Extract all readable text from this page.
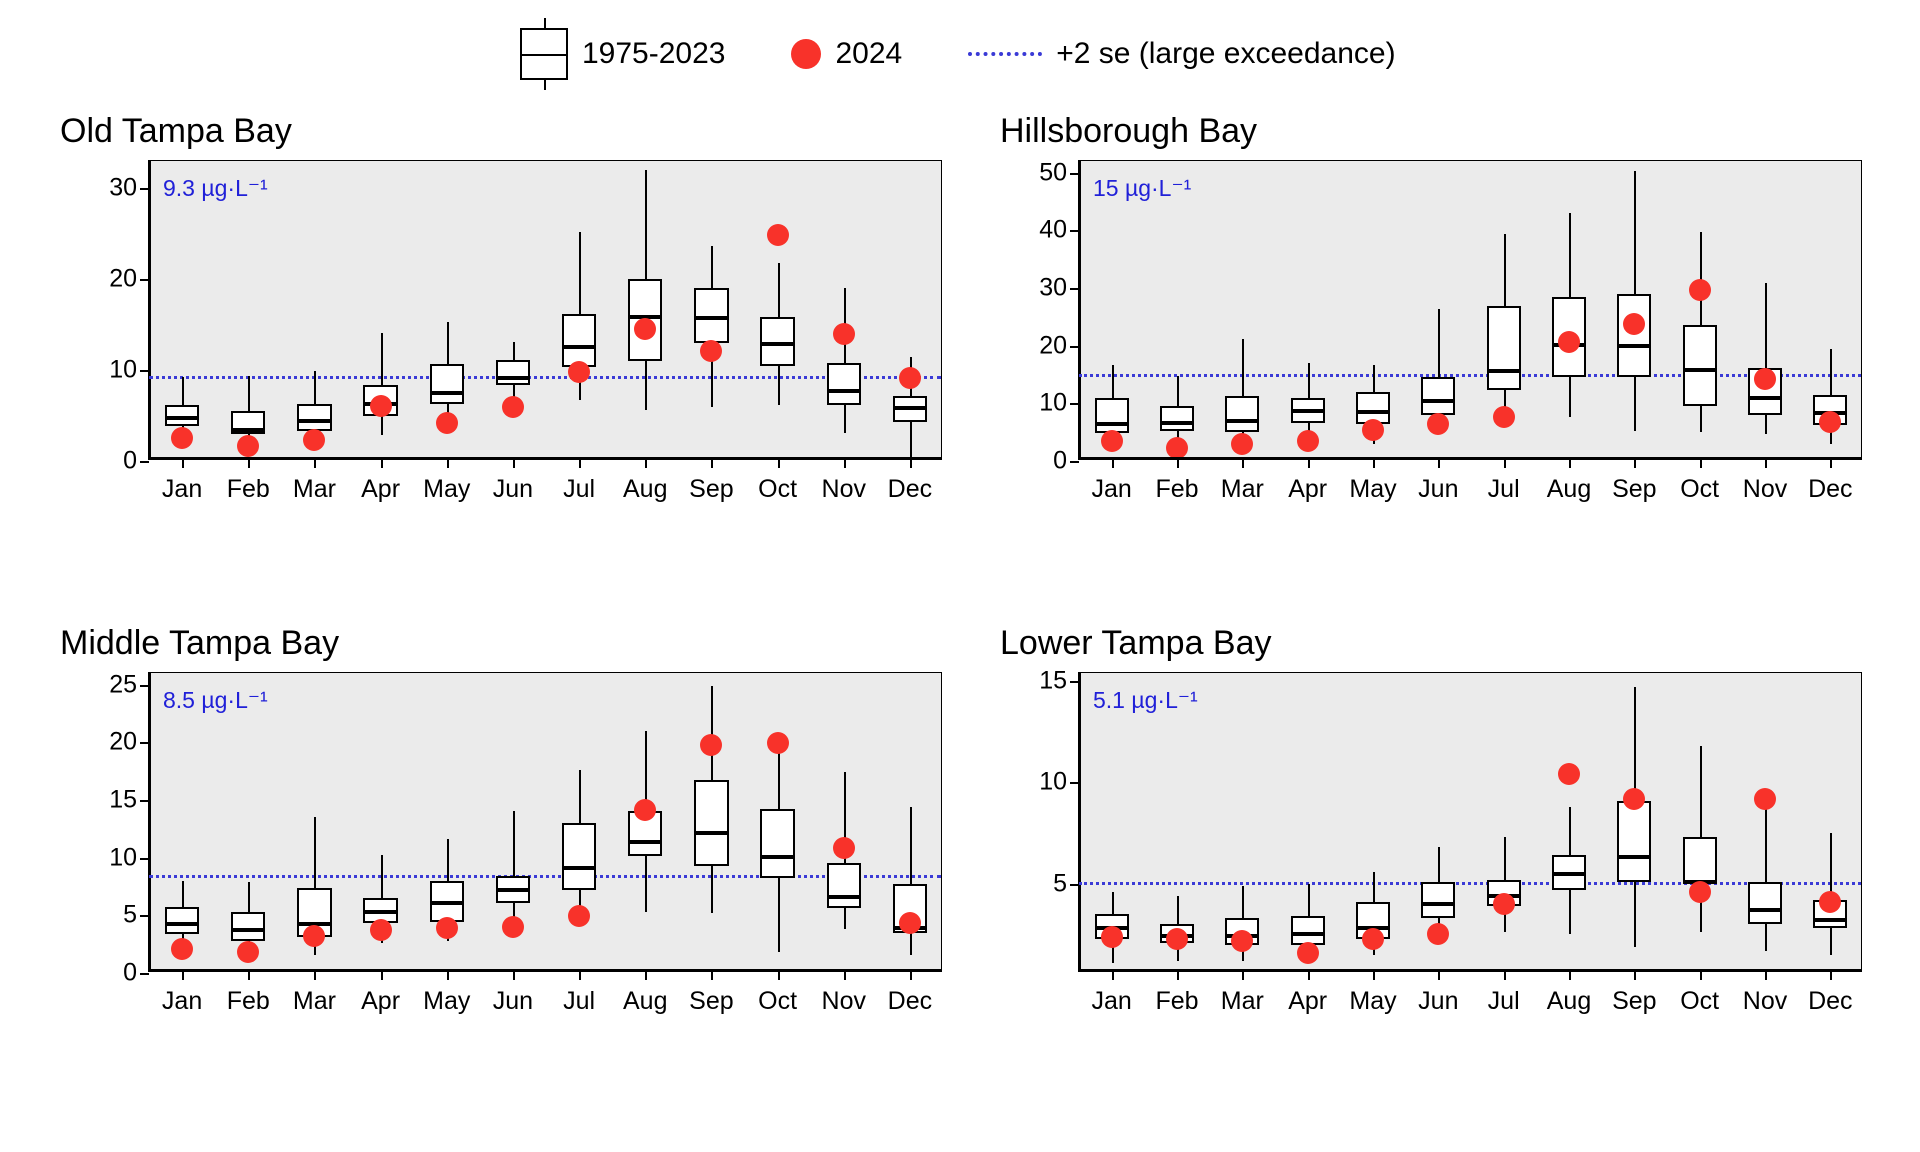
1975-2023	2024	+2 se (large exceedance)
Old Tampa Bay
9.3 µg·L⁻¹
0
10
20
30
Jan Feb Mar Apr May Jun Jul Aug Sep Oct Nov Dec
Hillsborough Bay
15 µg·L⁻¹
0
10
20
30
40
50
Jan Feb Mar Apr May Jun Jul Aug Sep Oct Nov Dec
Middle Tampa Bay
8.5 µg·L⁻¹
0
5
10
15
20
25
Jan Feb Mar Apr May Jun Jul Aug Sep Oct Nov Dec
Lower Tampa Bay
5.1 µg·L⁻¹
5
10
15
Jan Feb Mar Apr May Jun Jul Aug Sep Oct Nov Dec
